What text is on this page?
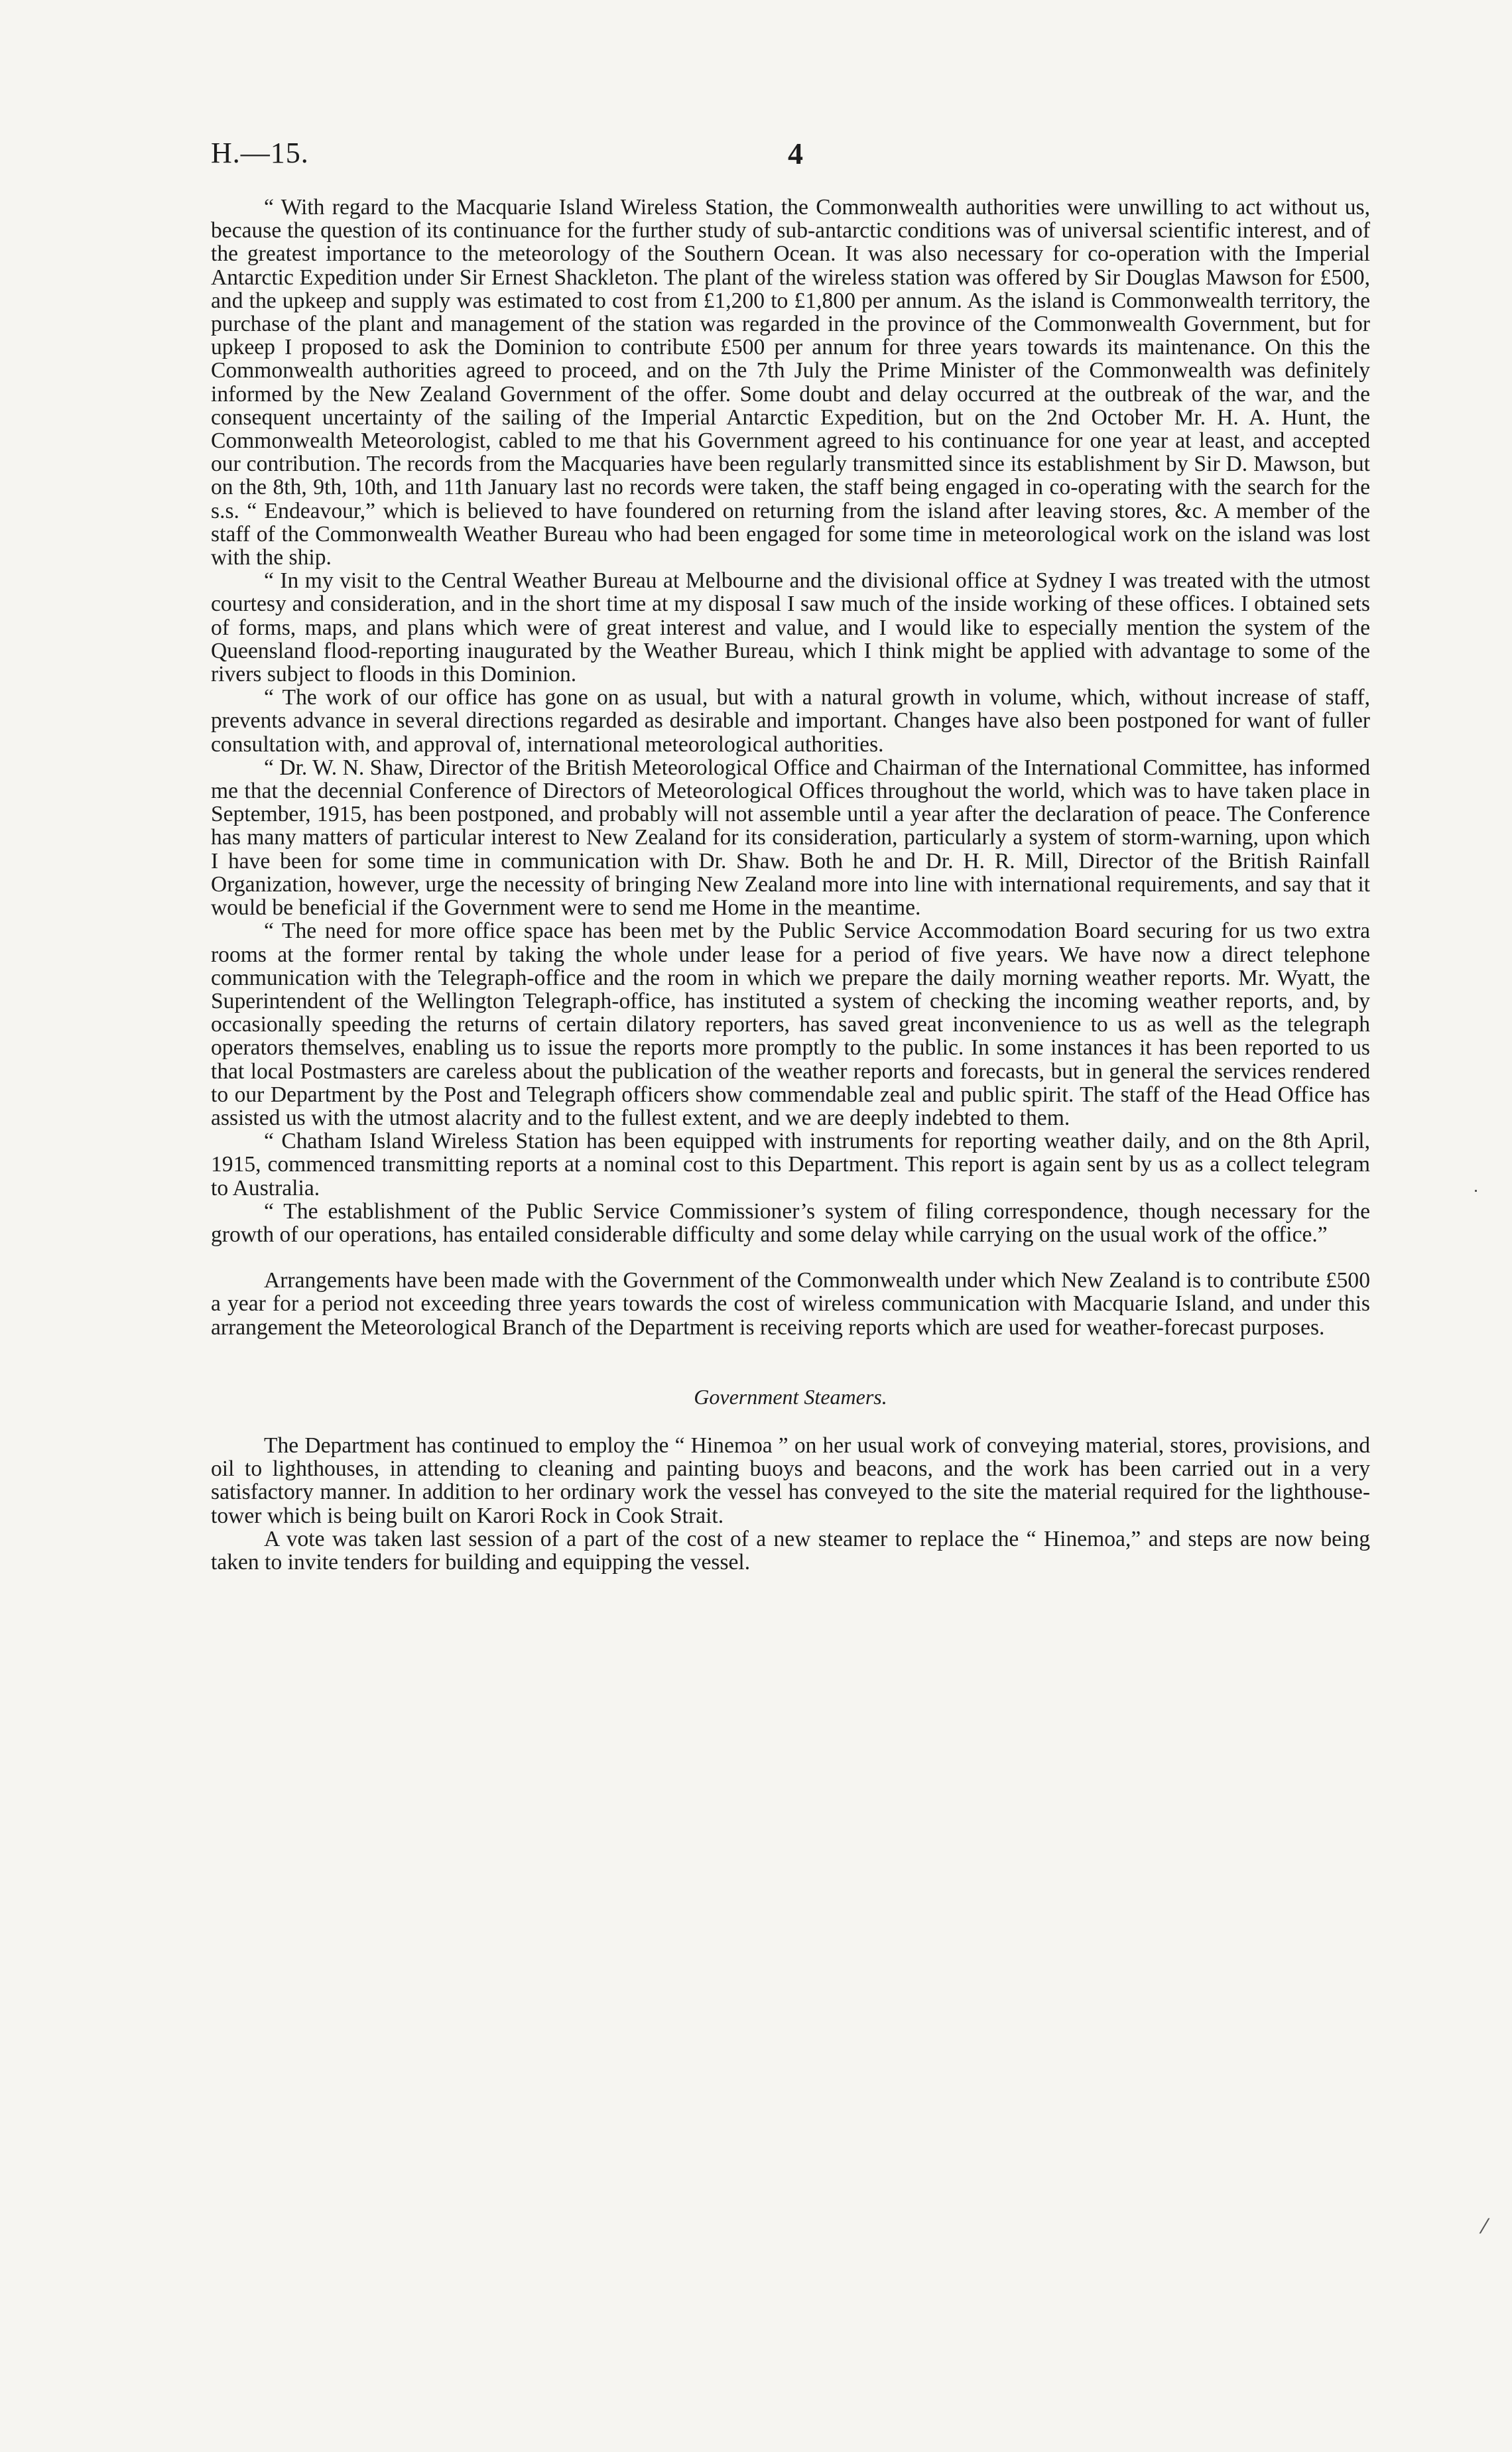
H.—15.	4

“ With regard to the Macquarie Island Wireless Station, the Commonwealth authorities were unwilling to act without us, because the question of its continuance for the further study of sub-antarctic conditions was of universal scientific interest, and of the greatest importance to the meteorology of the Southern Ocean. It was also necessary for co-operation with the Imperial Antarctic Expedition under Sir Ernest Shackleton. The plant of the wireless station was offered by Sir Douglas Mawson for £500, and the upkeep and supply was estimated to cost from £1,200 to £1,800 per annum. As the island is Commonwealth territory, the purchase of the plant and management of the station was regarded in the province of the Commonwealth Government, but for upkeep I proposed to ask the Dominion to contribute £500 per annum for three years towards its maintenance. On this the Commonwealth authorities agreed to proceed, and on the 7th July the Prime Minister of the Commonwealth was definitely informed by the New Zealand Government of the offer. Some doubt and delay occurred at the outbreak of the war, and the consequent uncertainty of the sailing of the Imperial Antarctic Expedition, but on the 2nd October Mr. H. A. Hunt, the Commonwealth Meteorologist, cabled to me that his Government agreed to his continuance for one year at least, and accepted our contribution. The records from the Macquaries have been regularly transmitted since its establishment by Sir D. Mawson, but on the 8th, 9th, 10th, and 11th January last no records were taken, the staff being engaged in co-operating with the search for the s.s. “ Endeavour,” which is believed to have foundered on returning from the island after leaving stores, &c. A member of the staff of the Commonwealth Weather Bureau who had been engaged for some time in meteorological work on the island was lost with the ship.

“ In my visit to the Central Weather Bureau at Melbourne and the divisional office at Sydney I was treated with the utmost courtesy and consideration, and in the short time at my disposal I saw much of the inside working of these offices. I obtained sets of forms, maps, and plans which were of great interest and value, and I would like to especially mention the system of the Queensland flood-reporting inaugurated by the Weather Bureau, which I think might be applied with advantage to some of the rivers subject to floods in this Dominion.

“ The work of our office has gone on as usual, but with a natural growth in volume, which, without increase of staff, prevents advance in several directions regarded as desirable and important. Changes have also been postponed for want of fuller consultation with, and approval of, international meteorological authorities.

“ Dr. W. N. Shaw, Director of the British Meteorological Office and Chairman of the International Committee, has informed me that the decennial Conference of Directors of Meteorological Offices throughout the world, which was to have taken place in September, 1915, has been postponed, and probably will not assemble until a year after the declaration of peace. The Conference has many matters of particular interest to New Zealand for its consideration, particularly a system of storm-warning, upon which I have been for some time in communication with Dr. Shaw. Both he and Dr. H. R. Mill, Director of the British Rainfall Organization, however, urge the necessity of bringing New Zealand more into line with international requirements, and say that it would be beneficial if the Government were to send me Home in the meantime.

“ The need for more office space has been met by the Public Service Accommodation Board securing for us two extra rooms at the former rental by taking the whole under lease for a period of five years. We have now a direct telephone communication with the Telegraph-office and the room in which we prepare the daily morning weather reports. Mr. Wyatt, the Superintendent of the Wellington Telegraph-office, has instituted a system of checking the incoming weather reports, and, by occasionally speeding the returns of certain dilatory reporters, has saved great inconvenience to us as well as the telegraph operators themselves, enabling us to issue the reports more promptly to the public. In some instances it has been reported to us that local Postmasters are careless about the publication of the weather reports and forecasts, but in general the services rendered to our Department by the Post and Telegraph officers show commendable zeal and public spirit. The staff of the Head Office has assisted us with the utmost alacrity and to the fullest extent, and we are deeply indebted to them.

“ Chatham Island Wireless Station has been equipped with instruments for reporting weather daily, and on the 8th April, 1915, commenced transmitting reports at a nominal cost to this Department. This report is again sent by us as a collect telegram to Australia.

“ The establishment of the Public Service Commissioner’s system of filing correspondence, though necessary for the growth of our operations, has entailed considerable difficulty and some delay while carrying on the usual work of the office.”

Arrangements have been made with the Government of the Commonwealth under which New Zealand is to contribute £500 a year for a period not exceeding three years towards the cost of wireless communication with Macquarie Island, and under this arrangement the Meteorological Branch of the Department is receiving reports which are used for weather-forecast purposes.

Government Steamers.

The Department has continued to employ the “ Hinemoa ” on her usual work of conveying material, stores, provisions, and oil to lighthouses, in attending to cleaning and painting buoys and beacons, and the work has been carried out in a very satisfactory manner. In addition to her ordinary work the vessel has conveyed to the site the material required for the lighthouse-tower which is being built on Karori Rock in Cook Strait.

A vote was taken last session of a part of the cost of a new steamer to replace the “ Hinemoa,” and steps are now being taken to invite tenders for building and equipping the vessel.

˙
⁄
